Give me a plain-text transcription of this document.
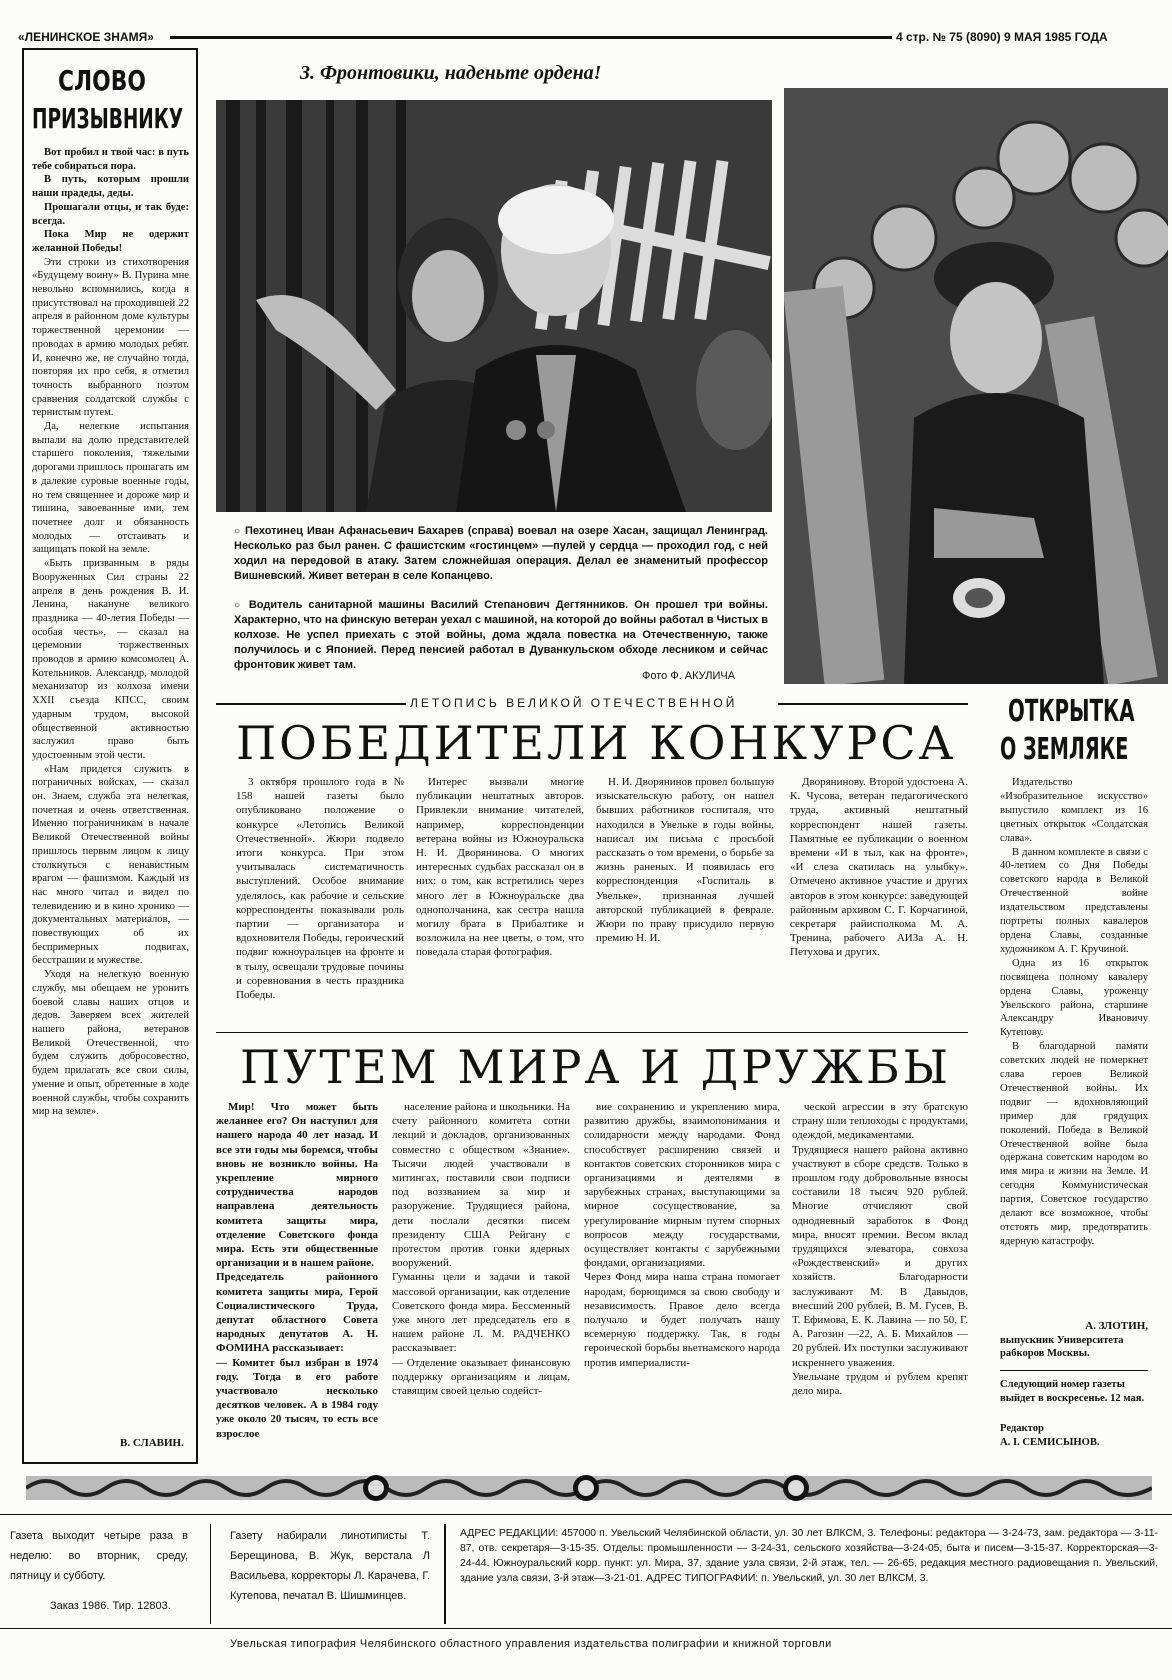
«ЛЕНИНСКОЕ ЗНАМЯ»	4 стр. № 75 (8090) 9 МАЯ 1985 ГОДА
СЛОВО
ПРИЗЫВНИКУ

Вот пробил и твой час: в путь тебе собираться пора.

В путь, которым прошли наши прадеды, деды.

Прошагали отцы, и так буде: всегда.

Пока Мир не одержит желанной Победы!

Эти строки из стихотворения «Будущему воину» В. Пурина мне невольно вспомнились, когда я присутствовал на проходившей 22 апреля в районном доме культуры торжественной церемонии — проводах в армию молодых ребят. И, конечно же, не случайно тогда, повторяя их про себя, я отметил точность выбранного поэтом сравнения солдатской службы с тернистым путем.

Да, нелегкие испытания выпали на долю представителей старшего поколения, тяжелыми дорогами пришлось прошагать им в далекие суровые военные годы, но тем священнее и дороже мир и тишина, завоеванные ими, тем почетнее долг и обязанность молодых — отстаивать и защищать покой на земле.

«Быть призванным в ряды Вооруженных Сил страны 22 апреля в день рождения В. И. Ленина, накануне великого праздника — 40-летия Победы — особая честь», — сказал на церемонии торжественных проводов в армию комсомолец А. Котельников. Александр, молодой механизатор из колхоза имени XXII съезда КПСС, своим ударным трудом, высокой общественной активностью заслужил право быть удостоенным этой чести.

«Нам придется служить в пограничных войсках, — сказал он. Знаем, служба эта нелегкая, почетная и очень ответственная. Именно пограничникам в начале Великой Отечественной войны пришлось первым лицом к лицу столкнуться с ненавистным врагом — фашизмом. Каждый из нас много читал и видел по телевидению и в кино хронико — документальных материалов, — повествующих об их беспримерных подвигах, бесстрашии и мужестве.

Уходя на нелегкую военную службу, мы обещаем не уронить боевой славы наших отцов и дедов. Заверяем всех жителей нашего района, ветеранов Великой Отечественной, что будем служить добросовестно, будем прилагать все свои силы, умение и опыт, обретенные в ходе военной службы, чтобы сохранить мир на земле».

В. СЛАВИН.
3. Фронтовики, наденьте ордена!

○ Пехотинец Иван Афанасьевич Бахарев (справа) воевал на озере Хасан, защищал Ленинград. Несколько раз был ранен. С фашистским «гостинцем» —пулей у сердца — проходил год, с ней ходил на передовой в атаку. Затем сложнейшая операция. Делал ее знаменитый профессор Вишневский. Живет ветеран в селе Копанцево.

○ Водитель санитарной машины Василий Степанович Дегтянников. Он прошел три войны. Характерно, что на финскую ветеран уехал с машиной, на которой до войны работал в Чистых в колхозе. Не успел приехать с этой войны, дома ждала повестка на Отечественную, также получилось и с Японией. Перед пенсией работал в Дуванкульском обходе лесником и сейчас фронтовик живет там.

Фото Ф. АКУЛИЧА
ЛЕТОПИСЬ ВЕЛИКОЙ ОТЕЧЕСТВЕННОЙ
ПОБЕДИТЕЛИ КОНКУРСА

3 октября прошлого года в № 158 нашей газеты было опубликовано положение о конкурсе «Летопись Великой Отечественной». Жюри подвело итоги конкурса. При этом учитывалась систематичность выступлений. Особое внимание уделялось, как рабочие и сельские корреспонденты показывали роль партии — организатора и вдохновителя Победы, героический подвиг южноуральцев на фронте и в тылу, освещали трудовые почины и соревнования в честь праздника Победы.

Интерес вызвали многие публикации нештатных авторов. Привлекли внимание читателей, например, корреспонденции ветерана войны из Южноуральска Н. И. Дворянинова. О многих интересных судьбах рассказал он в них: о том, как встретились через много лет в Южноуральске два однополчанина, как сестра нашла могилу брата в Прибалтике и возложила на нее цветы, о том, что поведала старая фотография.

Н. И. Дворянинов провел большую изыскательскую работу, он нашел бывших работников госпиталя, что находился в Увельке в годы войны, написал им письма с просьбой рассказать о том времени, о борьбе за жизнь раненых. И появилась его корреспонденция «Госпиталь в Увельке», признанная лучшей авторской публикацией в феврале. Жюри по праву присудило первую премию Н. И.

Дворянинову. Второй удостоена А. К. Чусова, ветеран педагогического труда, активный нештатный корреспондент нашей газеты. Памятные ее публикации о военном времени «И в тыл, как на фронте», «И слеза скатилась на улыбку». Отмечено активное участие и других авторов в этом конкурсе: заведующей районным архивом С. Г. Корчагиной, секретаря райисполкома М. А. Тренина, рабочего АИЗа А. Н. Петухова и других.

ПУТЕМ МИРА И ДРУЖБЫ

Мир! Что может быть желаннее его? Он наступил для нашего народа 40 лет назад. И все эти годы мы боремся, чтобы вновь не возникло войны. На укрепление мирного сотрудничества народов направлена деятельность комитета защиты мира, отделение Советского фонда мира. Есть эти общественные организации и в нашем районе.
Председатель районного комитета защиты мира, Герой Социалистического Труда, депутат областного Совета народных депутатов А. Н. ФОМИНА рассказывает:
— Комитет был избран в 1974 году. Тогда в его работе участвовало несколько десятков человек. А в 1984 году уже около 20 тысяч, то есть все взрослое

население района и школьники. На счету районного комитета сотни лекций и докладов, организованных совместно с обществом «Знание». Тысячи людей участвовали в митингах, поставили свои подписи под воззванием за мир и разоружение. Трудящиеся района, дети послали десятки писем президенту США Рейгану с протестом против гонки ядерных вооружений.
Гуманны цели и задачи и такой массовой организации, как отделение Советского фонда мира. Бессменный уже много лет председатель его в нашем районе Л. М. РАДЧЕНКО рассказывает:
— Отделение оказывает финансовую поддержку организациям и лицам, ставящим своей целью содейст-

вие сохранению и укреплению мира, развитию дружбы, взаимопонимания и солидарности между народами. Фонд способствует расширению связей и контактов советских сторонников мира с организациями и деятелями в зарубежных странах, выступающими за мирное сосуществование, за урегулирование мирным путем спорных вопросов между государствами, осуществляет контакты с зарубежными фондами, организациями.
Через Фонд мира наша страна помогает народам, борющимся за свою свободу и независимость. Правое дело всегда получало и будет получать нашу всемерную поддержку. Так, в годы героической борьбы вьетнамского народа против империалисти-

ческой агрессии в эту братскую страну шли теплоходы с продуктами, одеждой, медикаментами.
Трудящиеся нашего района активно участвуют в сборе средств. Только в прошлом году добровольные взносы составили 18 тысяч 920 рублей. Многие отчисляют свой однодневный заработок в Фонд мира, вносят премии. Весом вклад трудящихся элеватора, совхоза «Рождественский» и других хозяйств. Благодарности заслуживают М. В Давыдов, внесший 200 рублей, В. М. Гусев, В. Т. Ефимова, Е. К. Лавина — по 50, Г. А. Рагозин —22, А. Б. Михайлов —20 рублей. Их поступки заслуживают искреннего уважения.
Увельчане трудом и рублем крепят дело мира.

ОТКРЫТКА
О ЗЕМЛЯКЕ

Издательство «Изобразительное искусство» выпустило комплект из 16 цветных открыток «Солдатская слава».

В данном комплекте в связи с 40-летием со Дня Победы советского народа в Великой Отечественной войне издательством представлены портреты полных кавалеров ордена Славы, созданные художником А. Г. Кручиной.

Одна из 16 открыток посвящена полному кавалеру ордена Славы, уроженцу Увельского района, старшине Александру Ивановичу Кутепову.

В благодарной памяти советских людей не померкнет слава героев Великой Отечественной войны. Их подвиг — вдохновляющий пример для грядущих поколений. Победа в Великой Отечественной войне была одержана советским народом во имя мира и жизни на Земле. И сегодня Коммунистическая партия, Советское государство делают все возможное, чтобы отстоять мир, предотвратить ядерную катастрофу.

А. ЗЛОТИН,
выпускник Университета рабкоров Москвы.
Следующий номер газеты выйдет в воскресенье. 12 мая.
Редактор
А. І. СЕМИСЫНОВ.
Газета выходит четыре раза в неделю: во вторник, среду, пятницу и субботу.
Заказ 1986. Тир. 12803.
Газету набирали линотиписты Т. Берещинова, В. Жук, верстала Л Васильева, корректоры Л. Карачева, Г. Кутепова, печатал В. Шишминцев.
АДРЕС РЕДАКЦИИ: 457000 п. Увельский Челябинской области, ул. 30 лет ВЛКСМ, 3. Телефоны: редактора — 3-24-73, зам. редактора — 3-11-87, отв. секретаря—3-15-35. Отделы: промышленности — 3-24-31, сельского хозяйства—3-24-05, быта и писем—3-15-37. Корректорская—3-24-44. Южноуральский корр. пункт: ул. Мира, 37, здание узла связи, 2-й этаж, тел. — 26-65, редакция местного радиовещания п. Увельский, здание узла связи, 3-й этаж—3-21-01. АДРЕС ТИПОГРАФИИ: п. Увельский, ул. 30 лет ВЛКСМ, 3.
Увельская типография Челябинского областного управления издательства полиграфии и книжной торговли
